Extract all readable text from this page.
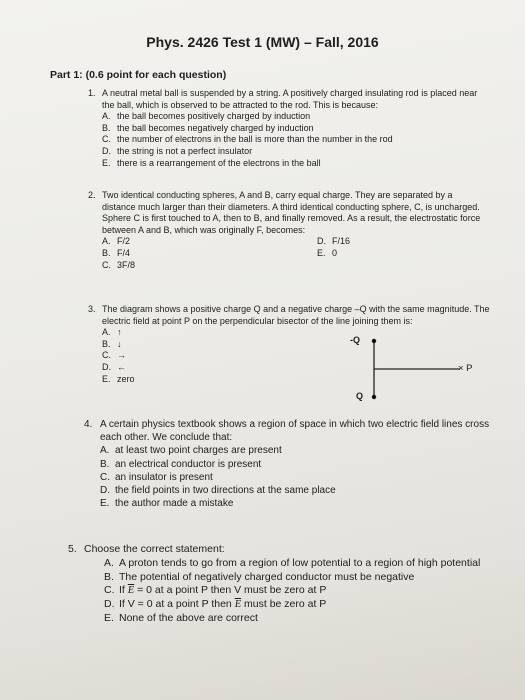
Phys. 2426 Test 1 (MW) – Fall, 2016
Part 1: (0.6 point for each question)
1. A neutral metal ball is suspended by a string. A positively charged insulating rod is placed near the ball, which is observed to be attracted to the rod. This is because:
A. the ball becomes positively charged by induction
B. the ball becomes negatively charged by induction
C. the number of electrons in the ball is more than the number in the rod
D. the string is not a perfect insulator
E. there is a rearrangement of the electrons in the ball
2. Two identical conducting spheres, A and B, carry equal charge. They are separated by a distance much larger than their diameters. A third identical conducting sphere, C, is uncharged. Sphere C is first touched to A, then to B, and finally removed. As a result, the electrostatic force between A and B, which was originally F, becomes:
A. F/2	D. F/16
B. F/4	E. 0
C. 3F/8
3. The diagram shows a positive charge Q and a negative charge –Q with the same magnitude. The electric field at point P on the perpendicular bisector of the line joining them is:
A. ↑
B. ↓
C. →
D. ←
E. zero
-Q
Q
× P
4. A certain physics textbook shows a region of space in which two electric field lines cross each other. We conclude that:
A. at least two point charges are present
B. an electrical conductor is present
C. an insulator is present
D. the field points in two directions at the same place
E. the author made a mistake
5. Choose the correct statement:
A. A proton tends to go from a region of low potential to a region of high potential
B. The potential of negatively charged conductor must be negative
C. If $\overline{E} = 0$ at a point P then V must be zero at P
D. If V = 0 at a point P then $\overline{E}$ must be zero at P
E. None of the above are correct
